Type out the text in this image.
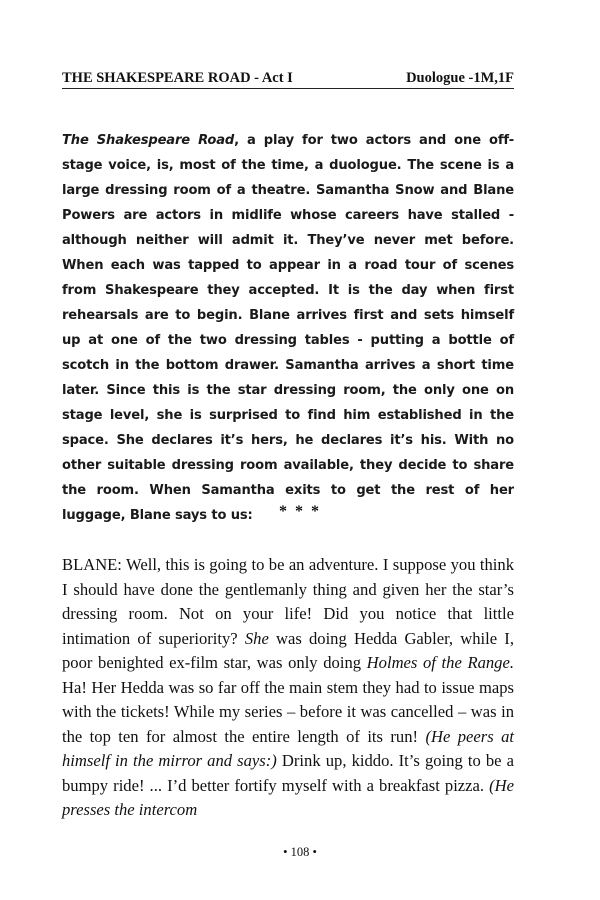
THE SHAKESPEARE ROAD - Act I	Duologue -1M,1F
The Shakespeare Road, a play for two actors and one off-stage voice, is, most of the time, a duologue. The scene is a large dressing room of a theatre. Samantha Snow and Blane Powers are actors in midlife whose careers have stalled - although neither will admit it. They’ve never met before. When each was tapped to appear in a road tour of scenes from Shakespeare they accepted. It is the day when first rehearsals are to begin. Blane arrives first and sets himself up at one of the two dressing tables - putting a bottle of scotch in the bottom drawer. Samantha arrives a short time later. Since this is the star dressing room, the only one on stage level, she is surprised to find him established in the space. She declares it’s hers, he declares it’s his. With no other suitable dressing room available, they decide to share the room. When Samantha exits to get the rest of her luggage, Blane says to us:	* * *
BLANE: Well, this is going to be an adventure. I suppose you think I should have done the gentlemanly thing and given her the star’s dressing room. Not on your life! Did you notice that little intimation of superiority? She was doing Hedda Gabler, while I, poor benighted ex-film star, was only doing Holmes of the Range. Ha! Her Hedda was so far off the main stem they had to issue maps with the tickets! While my series – before it was cancelled – was in the top ten for almost the entire length of its run! (He peers at himself in the mirror and says:) Drink up, kiddo. It’s going to be a bumpy ride! ... I’d better fortify myself with a breakfast pizza. (He presses the intercom
• 108 •
